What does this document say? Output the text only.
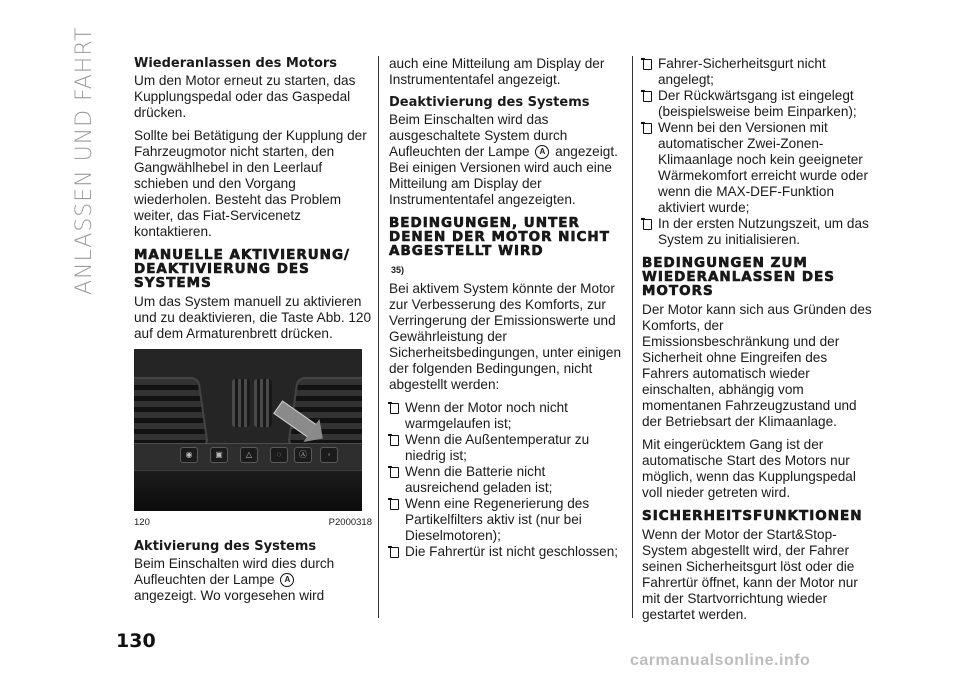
ANLASSEN UND FAHRT
130
Wiederanlassen des Motors

Um den Motor erneut zu starten, das Kupplungspedal oder das Gaspedal drücken.

Sollte bei Betätigung der Kupplung der Fahrzeugmotor nicht starten, den Gangwählhebel in den Leerlauf schieben und den Vorgang wiederholen. Besteht das Problem weiter, das Fiat-Servicenetz kontaktieren.

MANUELLE AKTIVIERUNG/ DEAKTIVIERUNG DES SYSTEMS

Um das System manuell zu aktivieren und zu deaktivieren, die Taste Abb. 120 auf dem Armaturenbrett drücken.

◉	▣	△	◌	Ⓐ	◦
120	P2000318
Aktivierung des Systems

Beim Einschalten wird dies durch Aufleuchten der Lampe A
angezeigt. Wo vorgesehen wird

auch eine Mitteilung am Display der Instrumententafel angezeigt.

Deaktivierung des Systems

Beim Einschalten wird das ausgeschaltete System durch Aufleuchten der Lampe A angezeigt. Bei einigen Versionen wird auch eine Mitteilung am Display der Instrumententafel angezeigten.

BEDINGUNGEN, UNTER DENEN DER MOTOR NICHT ABGESTELLT WIRD
35)

Bei aktivem System könnte der Motor zur Verbesserung des Komforts, zur Verringerung der Emissionswerte und Gewährleistung der Sicherheitsbedingungen, unter einigen der folgenden Bedingungen, nicht abgestellt werden:

Wenn der Motor noch nicht warmgelaufen ist;
Wenn die Außentemperatur zu niedrig ist;
Wenn die Batterie nicht ausreichend geladen ist;
Wenn eine Regenerierung des Partikelfilters aktiv ist (nur bei Dieselmotoren);
Die Fahrertür ist nicht geschlossen;
Fahrer-Sicherheitsgurt nicht angelegt;
Der Rückwärtsgang ist eingelegt (beispielsweise beim Einparken);
Wenn bei den Versionen mit automatischer Zwei-Zonen-Klimaanlage noch kein geeigneter Wärmekomfort erreicht wurde oder wenn die MAX-DEF-Funktion aktiviert wurde;
In der ersten Nutzungszeit, um das System zu initialisieren.
BEDINGUNGEN ZUM WIEDERANLASSEN DES MOTORS

Der Motor kann sich aus Gründen des Komforts, der Emissionsbeschränkung und der Sicherheit ohne Eingreifen des Fahrers automatisch wieder einschalten, abhängig vom momentanen Fahrzeugzustand und der Betriebsart der Klimaanlage.

Mit eingerücktem Gang ist der automatische Start des Motors nur möglich, wenn das Kupplungspedal voll nieder getreten wird.

SICHERHEITSFUNKTIONEN

Wenn der Motor der Start&Stop-System abgestellt wird, der Fahrer seinen Sicherheitsgurt löst oder die Fahrertür öffnet, kann der Motor nur mit der Startvorrichtung wieder gestartet werden.

carmanualsonline.info
